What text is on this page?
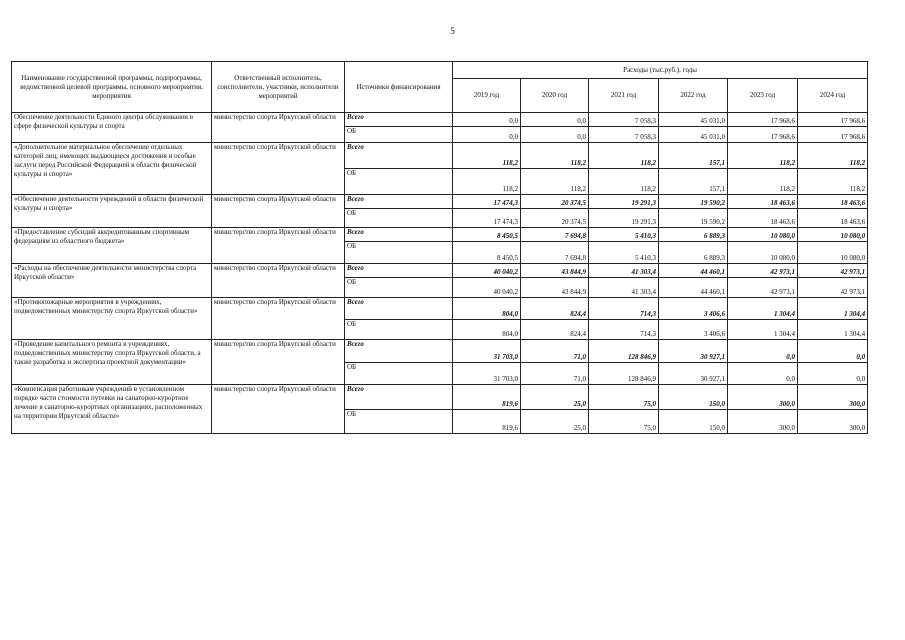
5
Наименование государственной программы, подпрограммы, ведомственной целевой программы, основного мероприятия, мероприятия	Ответственный исполнитель, соисполнители, участники, исполнители мероприятий	Источники финансирования	Расходы (тыс.руб.), годы					
			2019 год	2020 год	2021 год	2022 год	2023 год	2024 год
Обеспечение деятельности Единого центра обслуживания в сфере физической культуры и спорта	министерство спорта Иркутской области	Всего	0,0	0,0	7 058,3	45 031,0	17 968,6	17 968,6
		ОБ	0,0	0,0	7 058,3	45 031,0	17 968,6	17 968,6
«Дополнительное материальное обеспечение отдельных категорий лиц, имеющих выдающиеся достижения и особые заслуги перед Российской Федерацией в области физической культуры и спорта»	министерство спорта Иркутской области	Всего	118,2	118,2	118,2	157,1	118,2	118,2
		ОБ	118,2	118,2	118,2	157,1	118,2	118,2
«Обеспечение деятельности учреждений в области физической культуры и спорта»	министерство спорта Иркутской области	Всего	17 474,3	20 374,5	19 291,3	19 590,2	18 463,6	18 463,6
		ОБ	17 474,3	20 374,5	19 291,3	19 590,2	18 463,6	18 463,6
«Предоставление субсидий аккредитованным спортивным федерациям из областного бюджета»	министерство спорта Иркутской области	Всего	8 450,5	7 694,8	5 410,3	6 889,3	10 080,0	10 080,0
		ОБ	8 450,5	7 694,8	5 410,3	6 889,3	10 080,0	10 080,0
«Расходы на обеспечение деятельности министерства спорта Иркутской области»	министерство спорта Иркутской области	Всего	40 040,2	43 844,9	41 303,4	44 460,1	42 973,1	42 973,1
		ОБ	40 040,2	43 844,9	41 303,4	44 460,1	42 973,1	42 973,1
«Противопожарные мероприятия в учреждениях, подведомственных министерству спорта Иркутской области»	министерство спорта Иркутской области	Всего	804,0	824,4	714,3	3 406,6	1 304,4	1 304,4
		ОБ	804,0	824,4	714,3	3 406,6	1 304,4	1 304,4
«Проведение капитального ремонта в учреждениях, подведомственных министерству спорта Иркутской области, а также разработка и экспертиза проектной документации»	министерство спорта Иркутской области	Всего	31 703,0	71,0	128 846,9	30 927,1	0,0	0,0
		ОБ	31 703,0	71,0	128 846,9	30 927,1	0,0	0,0
«Компенсация работникам учреждений в установленном порядке части стоимости путевки на санаторно-курортное лечение в санаторно-курортных организациях, расположенных на территории Иркутской области»	министерство спорта Иркутской области	Всего	819,6	25,0	75,0	150,0	300,0	300,0
		ОБ	819,6	25,0	75,0	150,0	300,0	300,0
